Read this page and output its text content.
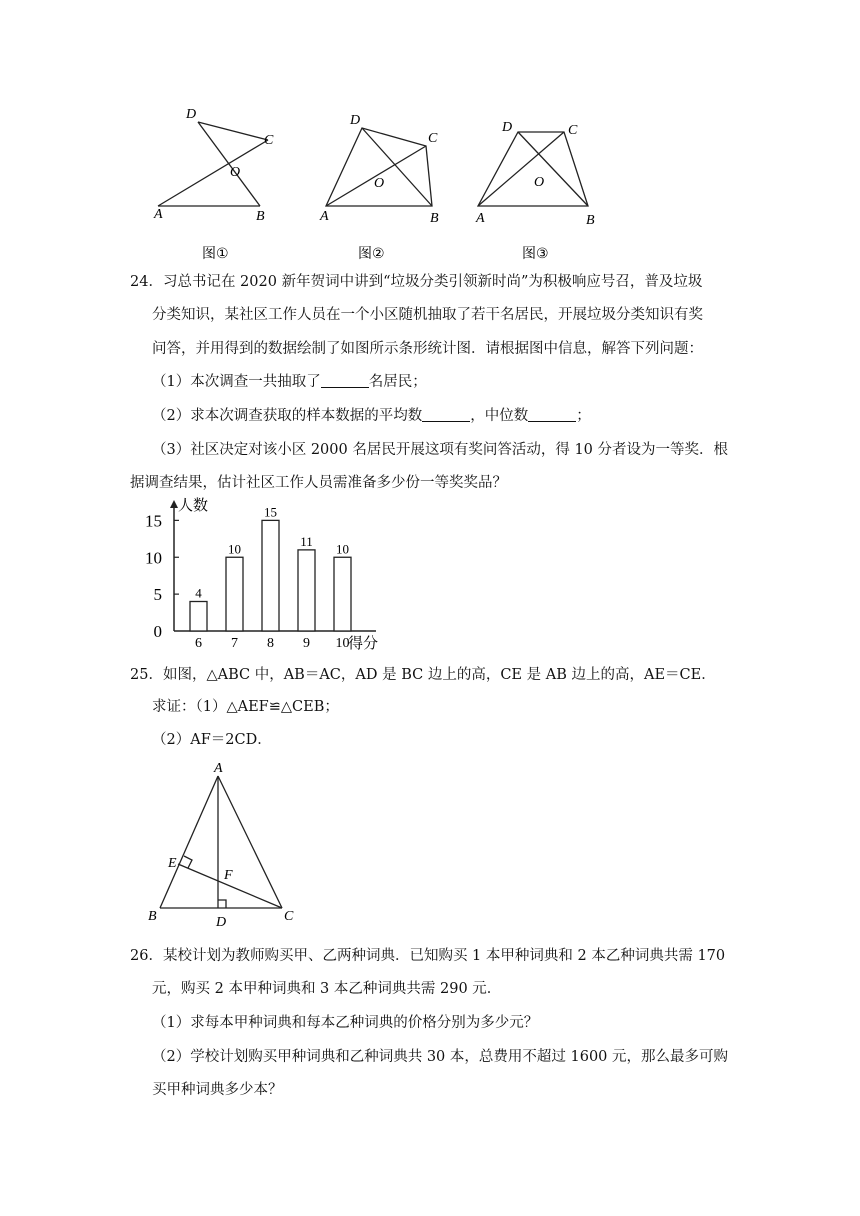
D
C
O
A	B
图①
D
C
O
A	B
图②
D	C
O
A	B
图③
24．习总书记在 2020 新年贺词中讲到“垃圾分类引领新时尚”为积极响应号召，普及垃圾
分类知识，某社区工作人员在一个小区随机抽取了若干名居民，开展垃圾分类知识有奖
问答，并用得到的数据绘制了如图所示条形统计图．请根据图中信息，解答下列问题：
（1）本次调查一共抽取了	名居民；
（2）求本次调查获取的样本数据的平均数	，中位数	；
（3）社区决定对该小区 2000 名居民开展这项有奖问答活动，得 10 分者设为一等奖．根
据调查结果，估计社区工作人员需准备多少份一等奖奖品？
人数
得分
0
5
10
15
4
6
10
7
15
8
11
9
10
10
25．如图，△ABC 中，AB＝AC，AD 是 BC 边上的高，CE 是 AB 边上的高，AE＝CE．
求证：（1）△AEF≌△CEB；
（2）AF＝2CD．
A
E
F
B	D	C
26．某校计划为教师购买甲、乙两种词典．已知购买 1 本甲种词典和 2 本乙种词典共需 170
元，购买 2 本甲种词典和 3 本乙种词典共需 290 元．
（1）求每本甲种词典和每本乙种词典的价格分别为多少元？
（2）学校计划购买甲种词典和乙种词典共 30 本，总费用不超过 1600 元，那么最多可购
买甲种词典多少本？
